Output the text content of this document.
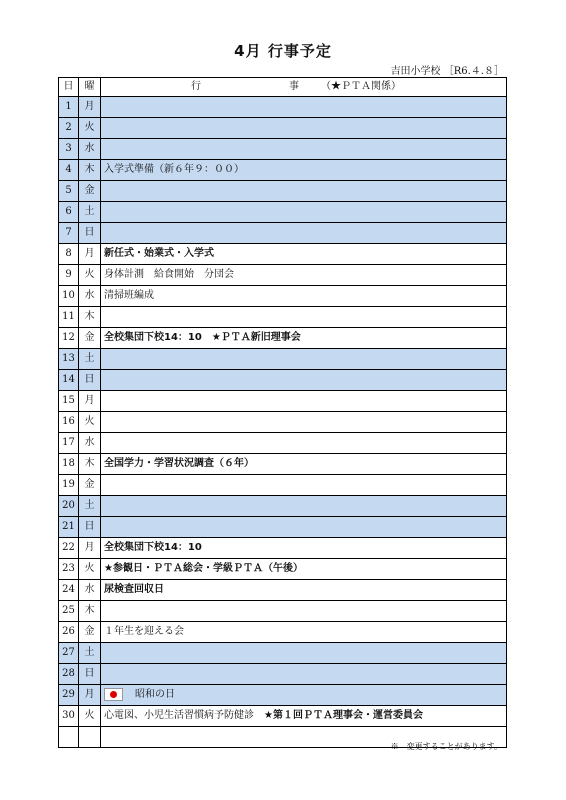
4月 行事予定
吉田小学校 ［R6.４.８］
日	曜	行 事 （★ＰＴＡ関係）
1	月	
2	火	
3	水	
4	木	入学式準備（新６年９：００）
5	金	
6	土	
7	日	
8	月	新任式・始業式・入学式
9	火	身体計測　給食開始　分団会
10	水	清掃班編成
11	木	
12	金	全校集団下校14：10　★ＰＴＡ新旧理事会
13	土	
14	日	
15	月	
16	火	
17	水	
18	木	全国学力・学習状況調査（６年）
19	金	
20	土	
21	日	
22	月	全校集団下校14：10
23	火	★参観日・ＰＴＡ総会・学級ＰＴＡ（午後）
24	水	尿検査回収日
25	木	
26	金	１年生を迎える会
27	土	
28	日	
29	月	昭和の日
30	火	心電図、小児生活習慣病予防健診　 ★第１回ＰＴＡ理事会・運営委員会

※　変更することがあります。
